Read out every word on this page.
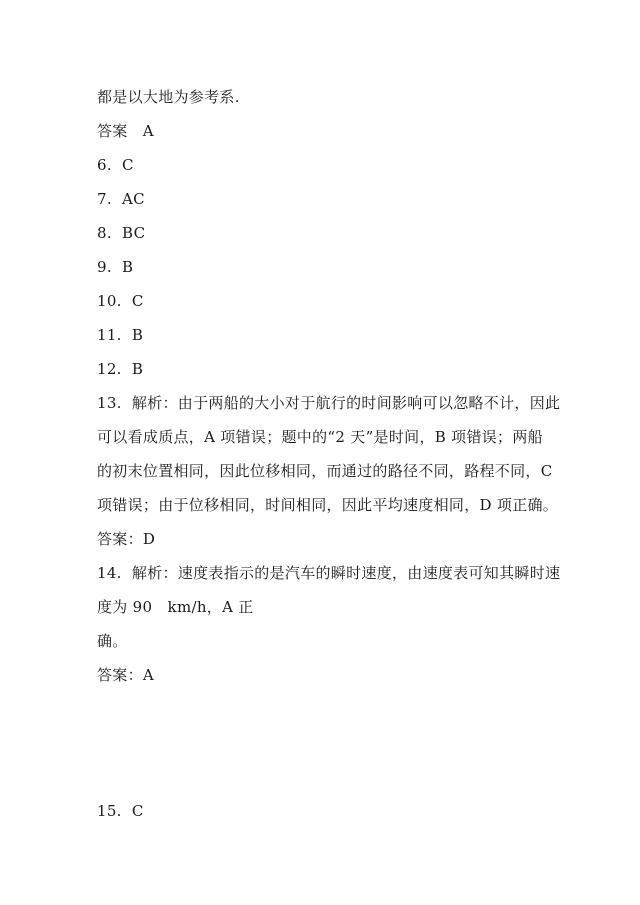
都是以大地为参考系.
答案   A
6.  C
7.  AC
8.  BC
9.  B
10.  C
11.  B
12.  B
13.  解析：由于两船的大小对于航行的时间影响可以忽略不计，因此
可以看成质点，A 项错误；题中的“2 天”是时间，B 项错误；两船
的初末位置相同，因此位移相同，而通过的路径不同，路程不同，C
项错误；由于位移相同，时间相同，因此平均速度相同，D 项正确。
答案：D
14.  解析：速度表指示的是汽车的瞬时速度，由速度表可知其瞬时速
度为 90   km/h，A 正
确。
答案：A
15.  C
